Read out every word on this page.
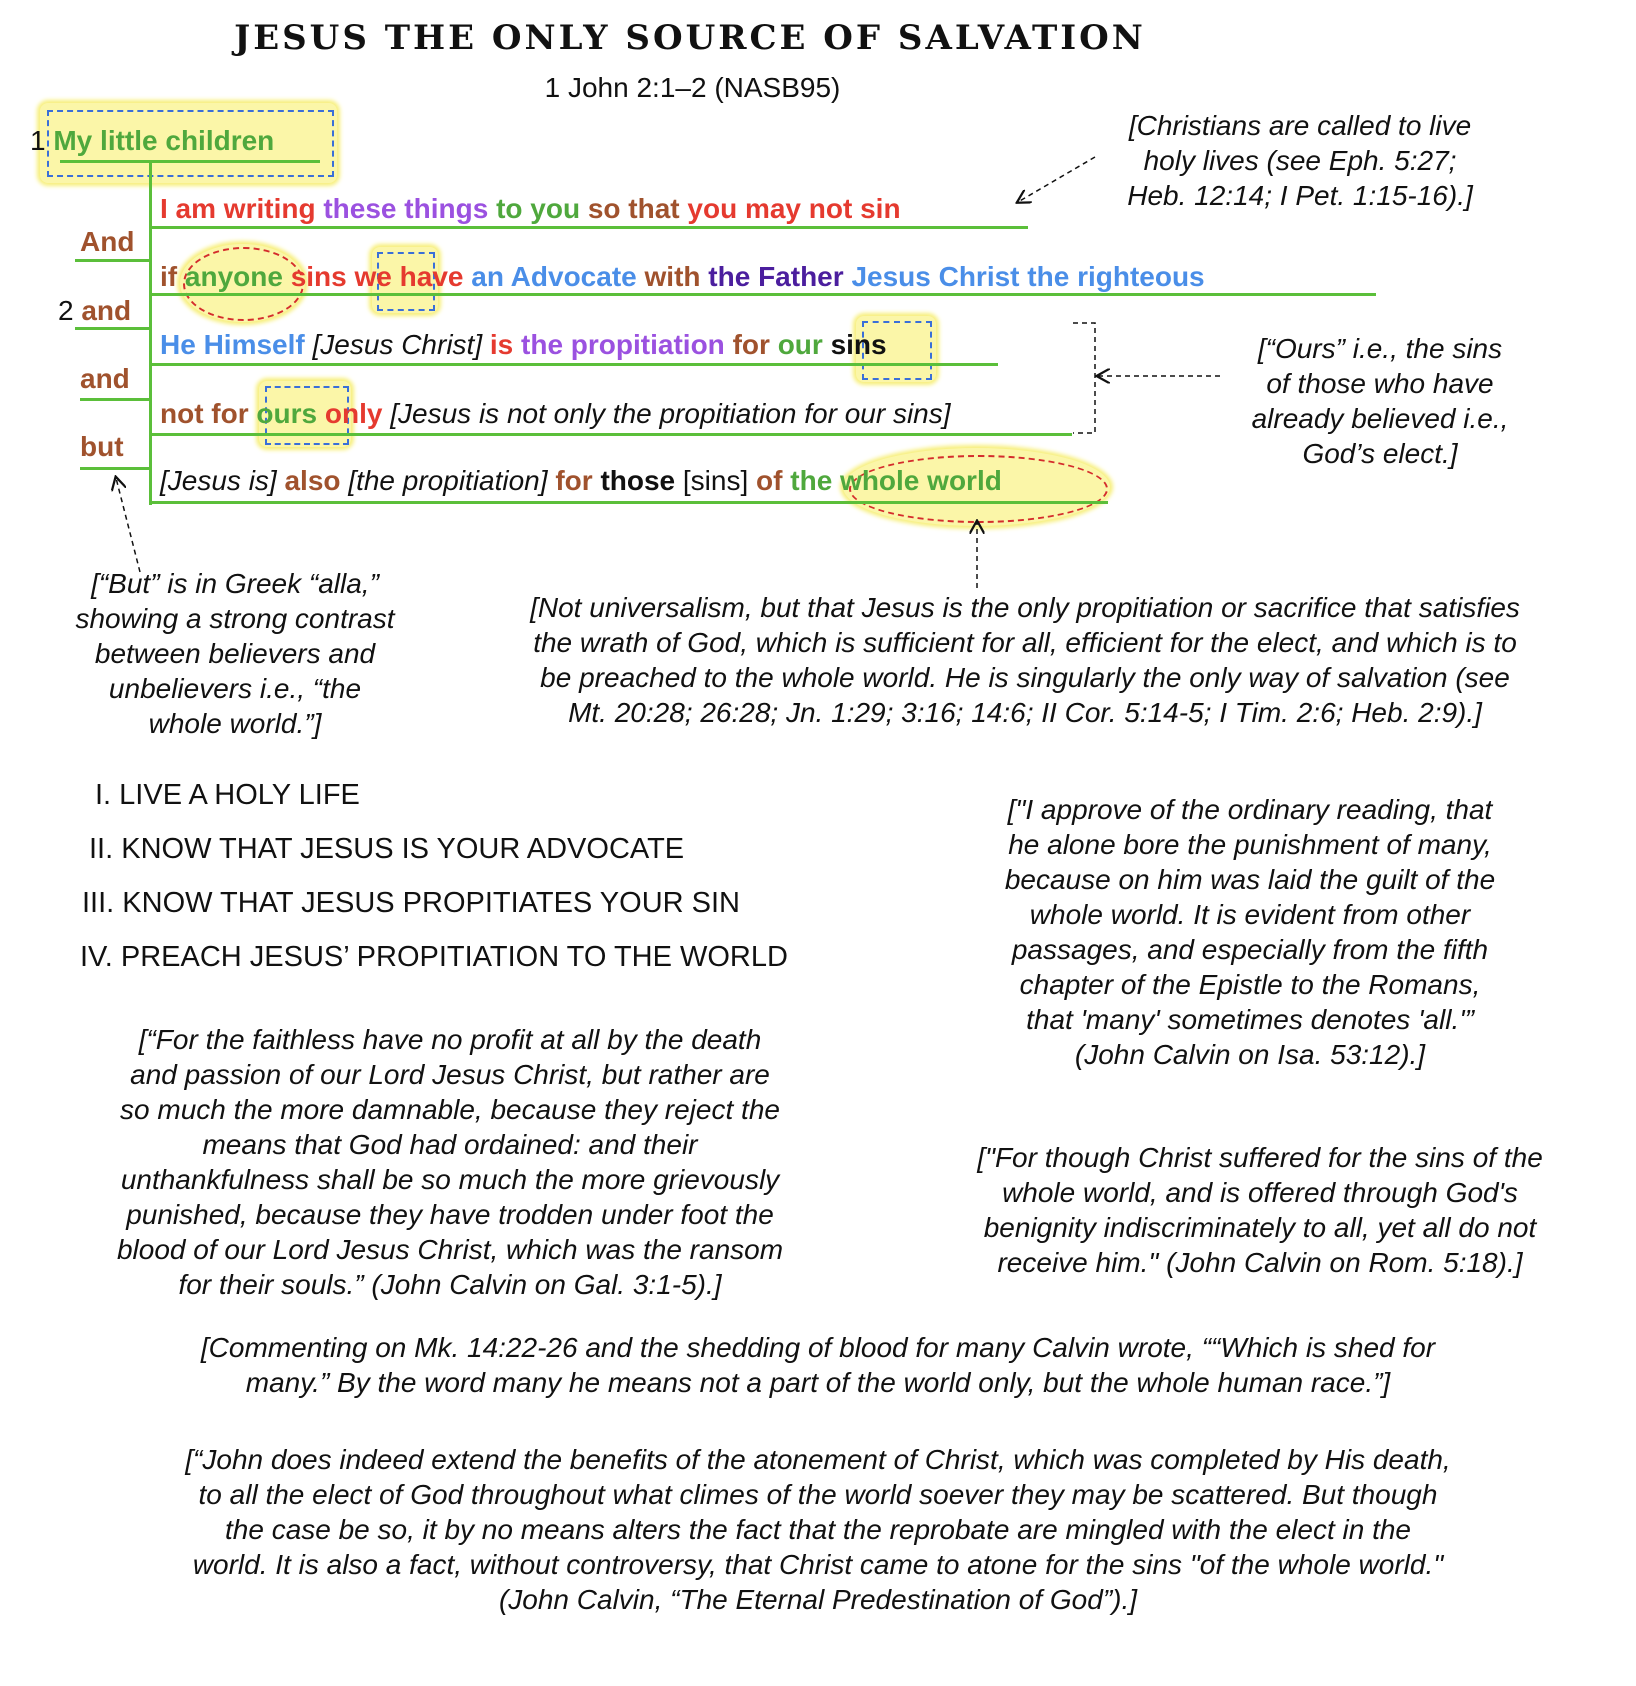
JESUS THE ONLY SOURCE OF SALVATION
1 John 2:1–2 (NASB95)
1 My little children
I am writing these things to you so that you may not sin
And
if anyone sins we have an Advocate with the Father Jesus Christ the righteous
2 and
He Himself [Jesus Christ] is the propitiation for our sins
and
not for ours only [Jesus is not only the propitiation for our sins]
but
[Jesus is] also [the propitiation] for those [sins] of the whole world
[Christians are called to live
holy lives (see Eph. 5:27;
Heb. 12:14; I Pet. 1:15-16).]
[“Ours” i.e., the sins
of those who have
already believed i.e.,
God’s elect.]
[“But” is in Greek “alla,”
showing a strong contrast
between believers and
unbelievers i.e., “the
whole world.”]
[Not universalism, but that Jesus is the only propitiation or sacrifice that satisfies
the wrath of God, which is sufficient for all, efficient for the elect, and which is to
be preached to the whole world. He is singularly the only way of salvation (see
Mt. 20:28; 26:28; Jn. 1:29; 3:16; 14:6; II Cor. 5:14-5; I Tim. 2:6; Heb. 2:9).]
I. LIVE A HOLY LIFE
II. KNOW THAT JESUS IS YOUR ADVOCATE
III. KNOW THAT JESUS PROPITIATES YOUR SIN
IV. PREACH JESUS’ PROPITIATION TO THE WORLD
["I approve of the ordinary reading, that
he alone bore the punishment of many,
because on him was laid the guilt of the
whole world. It is evident from other
passages, and especially from the fifth
chapter of the Epistle to the Romans,
that 'many' sometimes denotes 'all.'”
(John Calvin on Isa. 53:12).]
[“For the faithless have no profit at all by the death
and passion of our Lord Jesus Christ, but rather are
so much the more damnable, because they reject the
means that God had ordained: and their
unthankfulness shall be so much the more grievously
punished, because they have trodden under foot the
blood of our Lord Jesus Christ, which was the ransom
for their souls.” (John Calvin on Gal. 3:1-5).]
["For though Christ suffered for the sins of the
whole world, and is offered through God's
benignity indiscriminately to all, yet all do not
receive him." (John Calvin on Rom. 5:18).]
[Commenting on Mk. 14:22-26 and the shedding of blood for many Calvin wrote, ““Which is shed for
many.” By the word many he means not a part of the world only, but the whole human race.”]
[“John does indeed extend the benefits of the atonement of Christ, which was completed by His death,
to all the elect of God throughout what climes of the world soever they may be scattered. But though
the case be so, it by no means alters the fact that the reprobate are mingled with the elect in the
world. It is also a fact, without controversy, that Christ came to atone for the sins "of the whole world."
(John Calvin, “The Eternal Predestination of God”).]
